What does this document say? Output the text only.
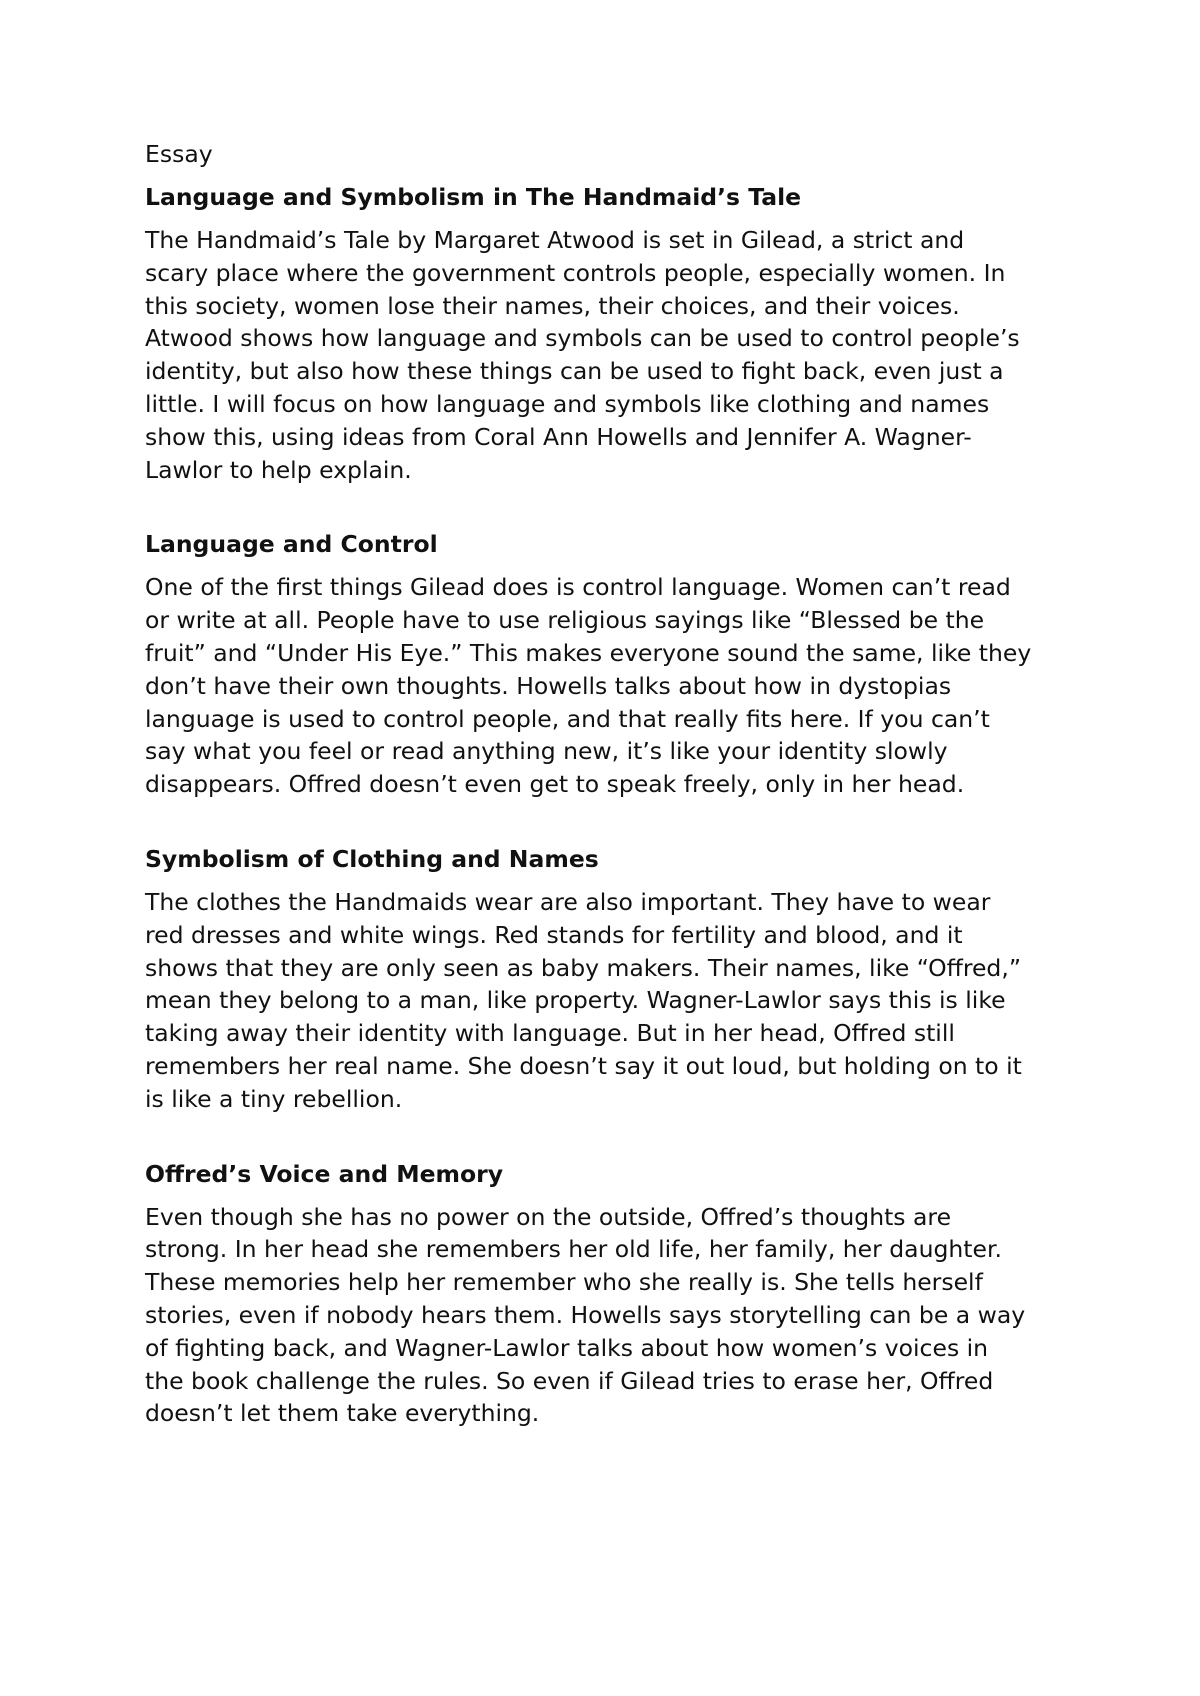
Essay

Language and Symbolism in The Handmaid’s Tale

The Handmaid’s Tale by Margaret Atwood is set in Gilead, a strict and
scary place where the government controls people, especially women. In
this society, women lose their names, their choices, and their voices.
Atwood shows how language and symbols can be used to control people’s
identity, but also how these things can be used to fight back, even just a
little. I will focus on how language and symbols like clothing and names
show this, using ideas from Coral Ann Howells and Jennifer A. Wagner-
Lawlor to help explain.

Language and Control

One of the first things Gilead does is control language. Women can’t read
or write at all. People have to use religious sayings like “Blessed be the
fruit” and “Under His Eye.” This makes everyone sound the same, like they
don’t have their own thoughts. Howells talks about how in dystopias
language is used to control people, and that really fits here. If you can’t
say what you feel or read anything new, it’s like your identity slowly
disappears. Offred doesn’t even get to speak freely, only in her head.

Symbolism of Clothing and Names

The clothes the Handmaids wear are also important. They have to wear
red dresses and white wings. Red stands for fertility and blood, and it
shows that they are only seen as baby makers. Their names, like “Offred,”
mean they belong to a man, like property. Wagner-Lawlor says this is like
taking away their identity with language. But in her head, Offred still
remembers her real name. She doesn’t say it out loud, but holding on to it
is like a tiny rebellion.

Offred’s Voice and Memory

Even though she has no power on the outside, Offred’s thoughts are
strong. In her head she remembers her old life, her family, her daughter.
These memories help her remember who she really is. She tells herself
stories, even if nobody hears them. Howells says storytelling can be a way
of fighting back, and Wagner-Lawlor talks about how women’s voices in
the book challenge the rules. So even if Gilead tries to erase her, Offred
doesn’t let them take everything.
